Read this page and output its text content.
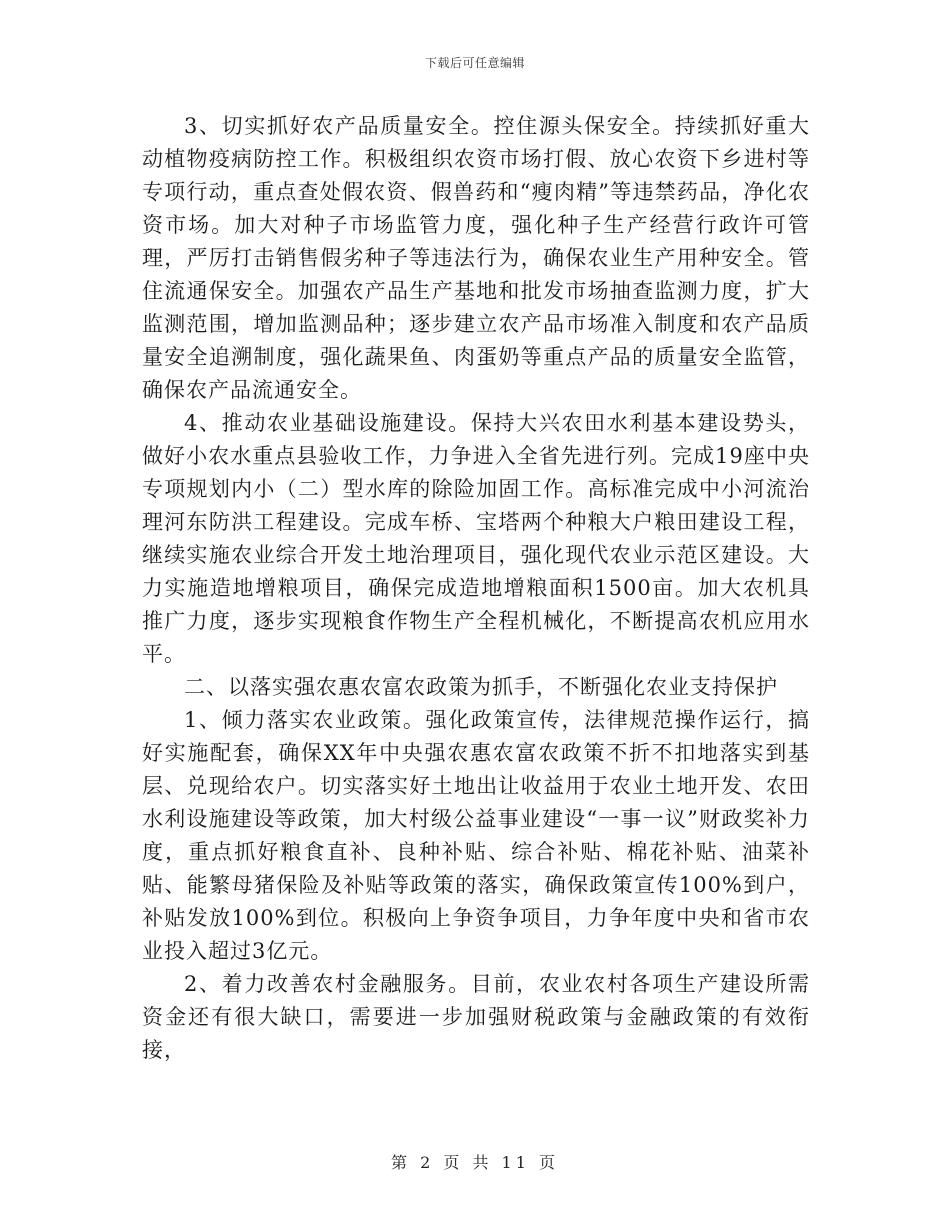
下载后可任意编辑

3、切实抓好农产品质量安全。控住源头保安全。持续抓好重大动植物疫病防控工作。积极组织农资市场打假、放心农资下乡进村等专项行动，重点查处假农资、假兽药和“瘦肉精”等违禁药品，净化农资市场。加大对种子市场监管力度，强化种子生产经营行政许可管理，严厉打击销售假劣种子等违法行为，确保农业生产用种安全。管住流通保安全。加强农产品生产基地和批发市场抽查监测力度，扩大监测范围，增加监测品种；逐步建立农产品市场准入制度和农产品质量安全追溯制度，强化蔬果鱼、肉蛋奶等重点产品的质量安全监管，确保农产品流通安全。

4、推动农业基础设施建设。保持大兴农田水利基本建设势头，做好小农水重点县验收工作，力争进入全省先进行列。完成19座中央专项规划内小（二）型水库的除险加固工作。高标准完成中小河流治理河东防洪工程建设。完成车桥、宝塔两个种粮大户粮田建设工程，继续实施农业综合开发土地治理项目，强化现代农业示范区建设。大力实施造地增粮项目，确保完成造地增粮面积1500亩。加大农机具推广力度，逐步实现粮食作物生产全程机械化，不断提高农机应用水平。

二、以落实强农惠农富农政策为抓手，不断强化农业支持保护

1、倾力落实农业政策。强化政策宣传，法律规范操作运行，搞好实施配套，确保XX年中央强农惠农富农政策不折不扣地落实到基层、兑现给农户。切实落实好土地出让收益用于农业土地开发、农田水利设施建设等政策，加大村级公益事业建设“一事一议”财政奖补力度，重点抓好粮食直补、良种补贴、综合补贴、棉花补贴、油菜补贴、能繁母猪保险及补贴等政策的落实，确保政策宣传100%到户，补贴发放100%到位。积极向上争资争项目，力争年度中央和省市农业投入超过3亿元。

2、着力改善农村金融服务。目前，农业农村各项生产建设所需资金还有很大缺口，需要进一步加强财税政策与金融政策的有效衔接，

第 2 页 共 11 页
